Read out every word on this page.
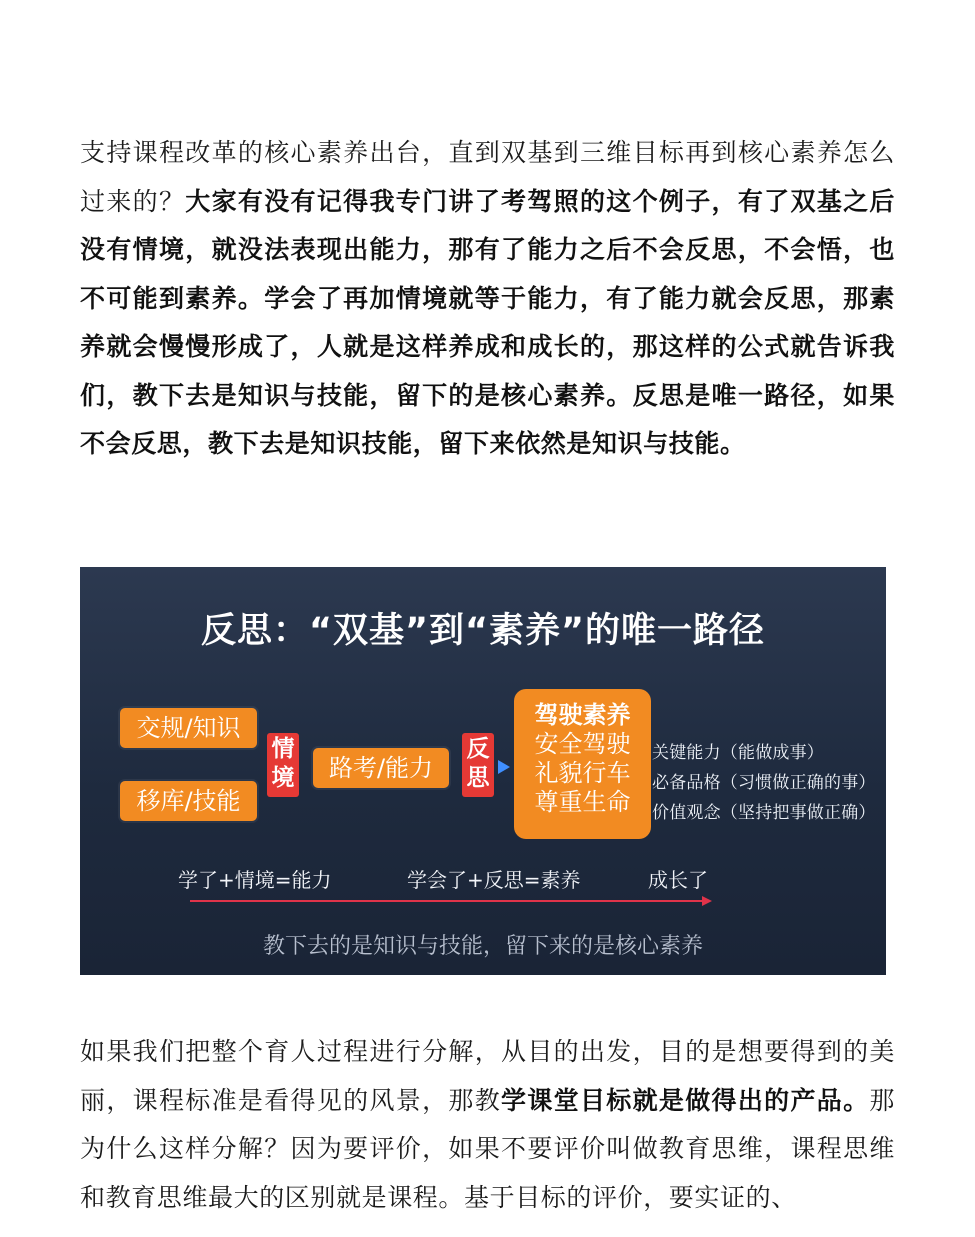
支持课程改革的核心素养出台，直到双基到三维目标再到核心素养怎么过来的？大家有没有记得我专门讲了考驾照的这个例子，有了双基之后没有情境，就没法表现出能力，那有了能力之后不会反思，不会悟，也不可能到素养。学会了再加情境就等于能力，有了能力就会反思，那素养就会慢慢形成了，人就是这样养成和成长的，那这样的公式就告诉我们，教下去是知识与技能，留下的是核心素养。反思是唯一路径，如果不会反思，教下去是知识技能，留下来依然是知识与技能。

反思：“双基”到“素养”的唯一路径
交规/知识
移库/技能
情
境	路考/能力
反
思
驾驶素养
安全驾驶
礼貌行车
尊重生命
关键能力（能做成事）
必备品格（习惯做正确的事）
价值观念（坚持把事做正确）
学了+情境=能力	学会了+反思=素养	成长了
教下去的是知识与技能，留下来的是核心素养

如果我们把整个育人过程进行分解，从目的出发，目的是想要得到的美丽，课程标准是看得见的风景，那教学课堂目标就是做得出的产品。那为什么这样分解？因为要评价，如果不要评价叫做教育思维，课程思维和教育思维最大的区别就是课程。基于目标的评价，要实证的、
